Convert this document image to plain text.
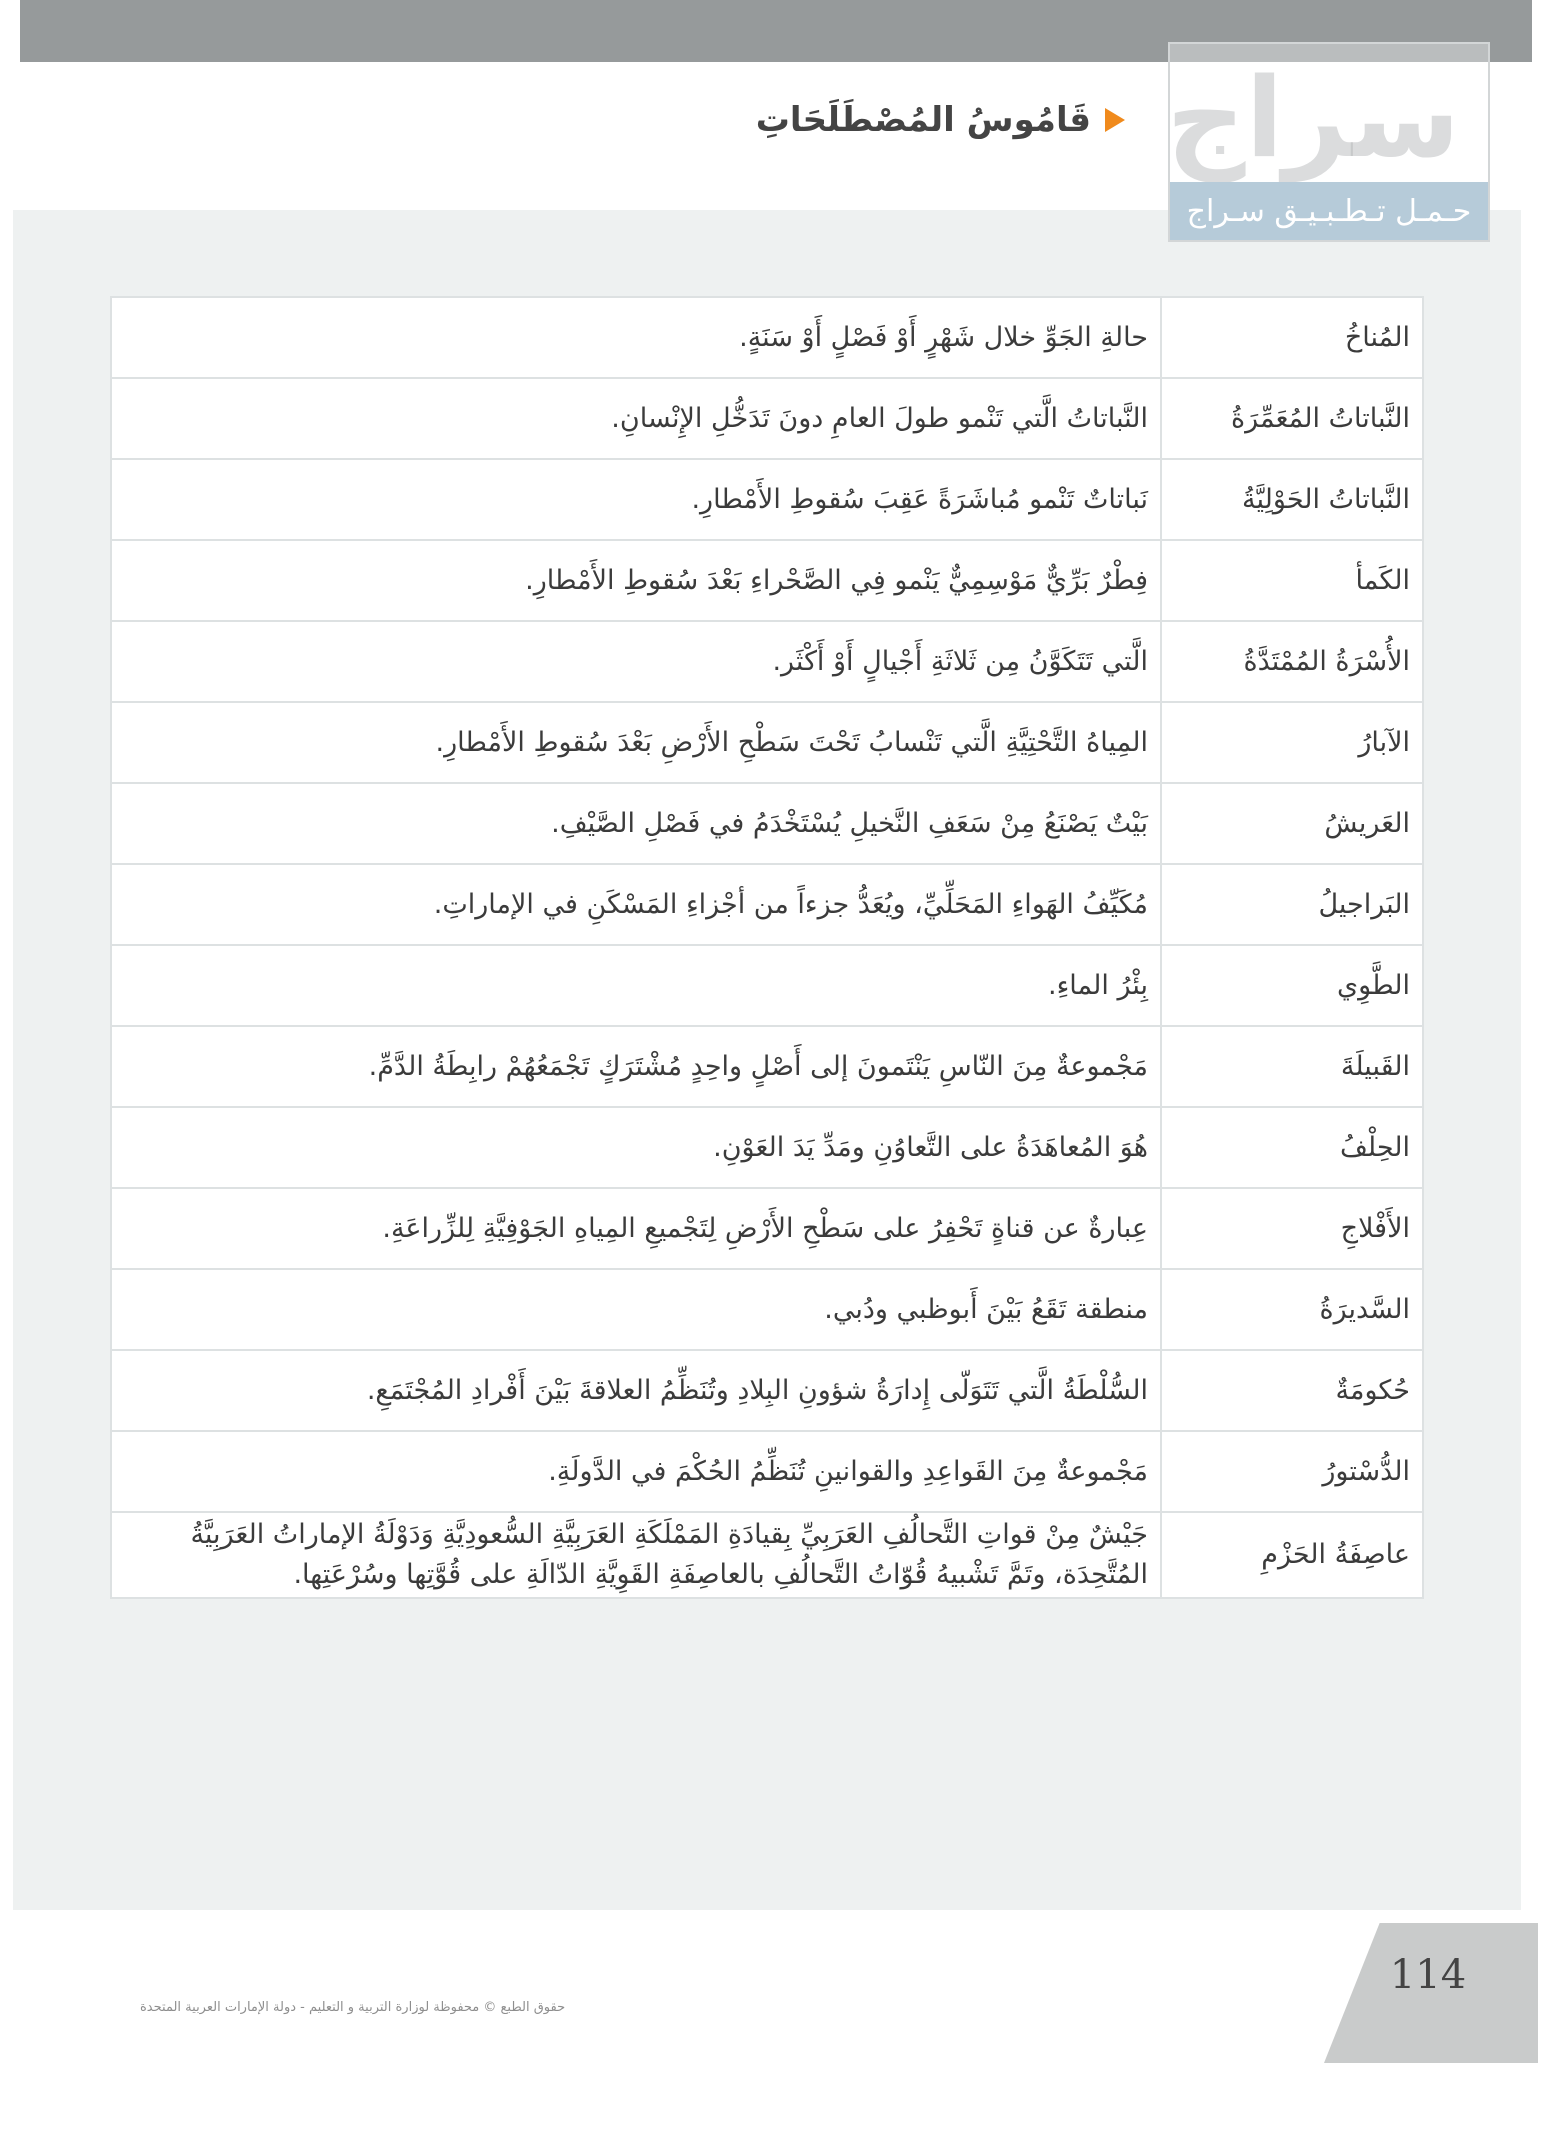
قَامُوسُ المُصْطَلَحَاتِ سراج
حـمـل تـطـبـيـق سـراج
المُناخُ	حالةِ الجَوِّ خلال شَهْرٍ أَوْ فَصْلٍ أَوْ سَنَةٍ.
النَّباتاتُ المُعَمِّرَةُ	النَّباتاتُ الَّتي تَنْمو طولَ العامِ دونَ تَدَخُّلِ الإِنْسانِ.
النَّباتاتُ الحَوْلِيَّةُ	نَباتاتٌ تَنْمو مُباشَرَةً عَقِبَ سُقوطِ الأَمْطارِ.
الكَمأ	فِطْرٌ بَرِّيٌّ مَوْسِمِيٌّ يَنْمو فِي الصَّحْراءِ بَعْدَ سُقوطِ الأَمْطارِ.
الأُسْرَةُ المُمْتَدَّةُ	الَّتي تَتَكَوَّنُ مِن ثَلاثَةِ أَجْيالٍ أَوْ أَكْثَر.
الآبارُ	المِياهُ التَّحْتِيَّةِ الَّتي تَنْسابُ تَحْتَ سَطْحِ الأَرْضِ بَعْدَ سُقوطِ الأَمْطارِ.
العَريشُ	بَيْتٌ يَصْنَعُ مِنْ سَعَفِ النَّخيلِ يُسْتَخْدَمُ في فَصْلِ الصَّيْفِ.
البَراجيلُ	مُكَيِّفُ الهَواءِ المَحَلِّيِّ، ويُعَدُّ جزءاً من أجْزاءِ المَسْكَنِ في الإماراتِ.
الطَّوِي	بِئْرُ الماءِ.
القَبيلَةَ	مَجْموعةٌ مِنَ النّاسِ يَنْتَمونَ إلى أَصْلٍ واحِدٍ مُشْتَرَكٍ تَجْمَعُهُمْ رابِطَةُ الدَّمِّ.
الحِلْفُ	هُوَ المُعاهَدَةُ على التَّعاوُنِ ومَدِّ يَدَ العَوْنِ.
الأَفْلاجِ	عِبارةٌ عن قناةٍ تَحْفِرُ على سَطْحِ الأَرْضِ لِتَجْميعِ المِياهِ الجَوْفِيَّةِ لِلزِّراعَةِ.
السَّديرَةُ	منطقة تَقَعُ بَيْنَ أَبوظبي ودُبي.
حُكومَةٌ	السُّلْطَةُ الَّتي تَتَوَلّى إِدارَةُ شؤونِ البِلادِ وتُنَظِّمُ العلاقةَ بَيْنَ أَفْرادِ المُجْتَمَعِ.
الدُّسْتورُ	مَجْموعةٌ مِنَ القَواعِدِ والقوانينِ تُنَظِّمُ الحُكْمَ في الدَّولَةِ.
عاصِفَةُ الحَزْمِ	جَيْشٌ مِنْ قواتِ التَّحالُفِ العَرَبِيِّ بِقيادَةِ المَمْلَكَةِ العَرَبِيَّةِ السُّعودِيَّةِ وَدَوْلَةُ الإماراتُ العَرَبِيَّةُ المُتَّحِدَة، وتَمَّ تَشْبيهُ قُوّاتُ التَّحالُفِ بالعاصِفَةِ القَوِيَّةِ الدّالَةِ على قُوَّتِها وسُرْعَتِها.
114
حقوق الطبع © محفوظة لوزارة التربية و التعليم - دولة الإمارات العربية المتحدة
